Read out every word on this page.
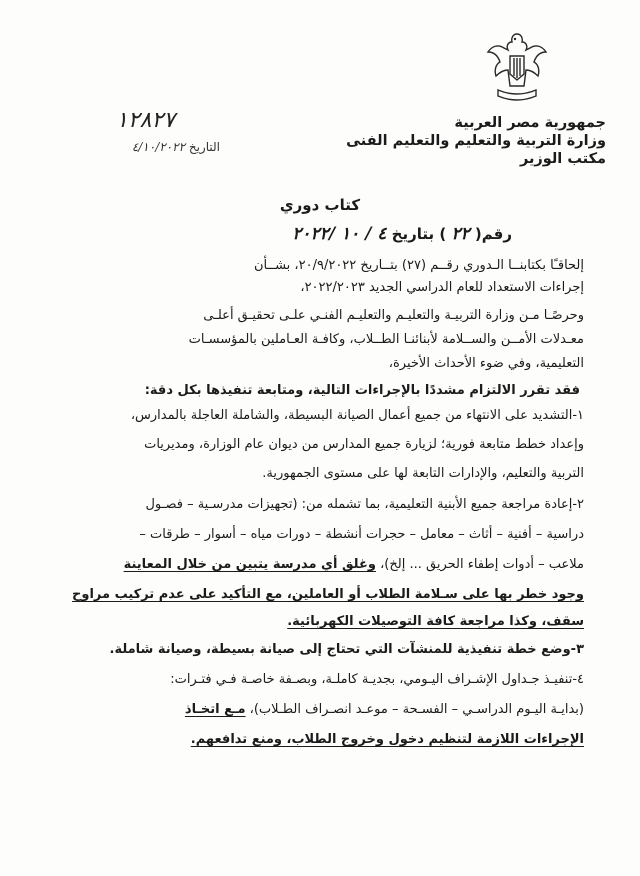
جمهورية مصر العربية
وزارة التربية والتعليم والتعليم الفنى
مكتب الوزير
١٢٨٢٧
التاريخ ٤/١٠/٢٠٢٢
كتاب دوري
رقم( ٢٢ ) بتاريخ ٤ / ١٠ /٢٠٢٢
إلحاقـًا بكتابنــا الـدوري رقــم (٢٧) بتــاريخ ٢٠/٩/٢٠٢٢، بشــأن
إجراءات الاستعداد للعام الدراسي الجديد ٢٠٢٢/٢٠٢٣،
وحرصًـا مـن وزارة التربيـة والتعليـم والتعليـم الفنـي علـى تحقيـق أعلـى
معـدلات الأمــن والســلامة لأبنائنـا الطــلاب، وكافـة العـاملين بالمؤسسـات
التعليمية، وفي ضوء الأحداث الأخيرة،
فقد تقرر الالتزام مشددًا بالإجراءات التالية، ومتابعة تنفيذها بكل دقة:
١-التشديد على الانتهاء من جميع أعمال الصيانة البسيطة، والشاملة العاجلة بالمدارس،
وإعداد خطط متابعة فورية؛ لزيارة جميع المدارس من ديوان عام الوزارة، ومديريات
التربية والتعليم، والإدارات التابعة لها على مستوى الجمهورية.
٢-إعادة مراجعة جميع الأبنية التعليمية، بما تشمله من: (تجهيزات مدرسـية – فصـول
دراسية – أفنية – أثاث – معامل – حجرات أنشطة – دورات مياه – أسوار – طرقات –
ملاعب – أدوات إطفاء الحريق ... إلخ)، وغلق أي مدرسة يتبين من خلال المعاينة
وجود خطر بها على سـلامة الطلاب أو العاملين، مع التأكيد على عدم تركيب مراوح
سقف، وكذا مراجعة كافة التوصيلات الكهربائية.
٣-وضع خطة تنفيذية للمنشآت التي تحتاج إلى صيانة بسيطة، وصيانة شاملة.
٤-تنفيـذ جـداول الإشـراف اليـومي، بجديـة كاملـة، وبصـفة خاصـة فـي فتـرات:
(بدايـة اليـوم الدراسـي – الفسـحة – موعـد انصـراف الطـلاب)، مـع اتخـاذ
الإجراءات اللازمة لتنظيم دخول وخروج الطلاب، ومنع تدافعهم.
